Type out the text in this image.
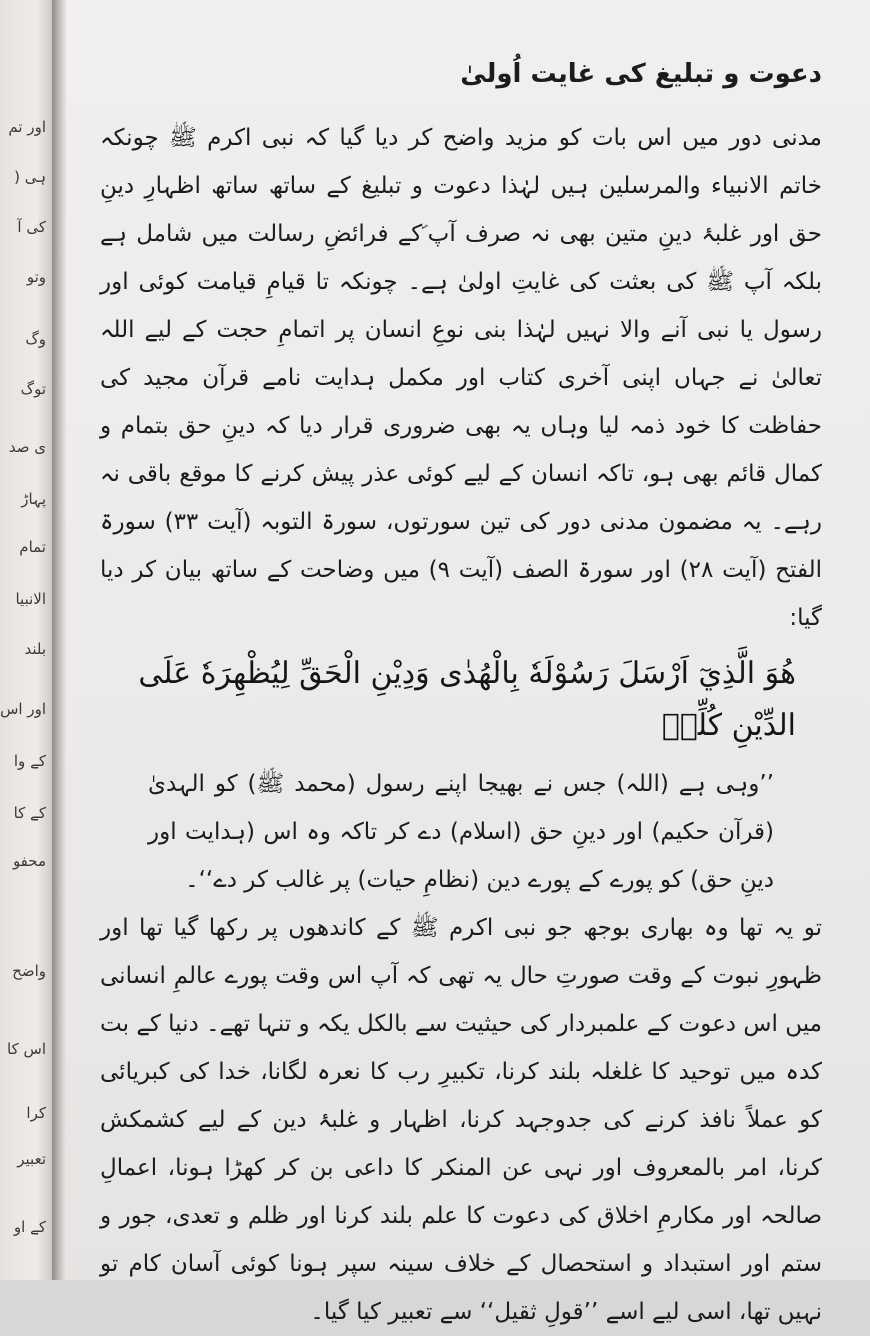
اور تم
ہی (
کی آ
وتو
وگ
توگ
ی صد
پہاڑ
تمام
الانبیا
بلند
اور اس
کے وا
کے کا
محفو
واضح
اس کا
کرا
تعبیر
کے او
دعوت و تبلیغ کی غایت اُولیٰ

مدنی دور میں اس بات کو مزید واضح کر دیا گیا کہ نبی اکرم ﷺ چونکہ خاتم الانبیاء والمرسلین ہیں لہٰذا دعوت و تبلیغ کے ساتھ ساتھ اظہارِ دینِ حق اور غلبۂ دینِ متین بھی نہ صرف آپ ؐکے فرائضِ رسالت میں شامل ہے بلکہ آپ ﷺ کی بعثت کی غایتِ اولیٰ ہے۔ چونکہ تا قیامِ قیامت کوئی اور رسول یا نبی آنے والا نہیں لہٰذا بنی نوعِ انسان پر اتمامِ حجت کے لیے اللہ تعالیٰ نے جہاں اپنی آخری کتاب اور مکمل ہدایت نامے قرآن مجید کی حفاظت کا خود ذمہ لیا وہاں یہ بھی ضروری قرار دیا کہ دینِ حق بتمام و کمال قائم بھی ہو، تاکہ انسان کے لیے کوئی عذر پیش کرنے کا موقع باقی نہ رہے۔ یہ مضمون مدنی دور کی تین سورتوں، سورۃ التوبہ (آیت ۳۳) سورۃ الفتح (آیت ۲۸) اور سورۃ الصف (آیت ۹) میں وضاحت کے ساتھ بیان کر دیا گیا:

هُوَ الَّذِيٓ اَرْسَلَ رَسُوْلَهٗ بِالْهُدٰى وَدِيْنِ الْحَقِّ لِيُظْهِرَهٗ عَلَى الدِّيْنِ كُلِّهٖ

’’وہی ہے (اللہ) جس نے بھیجا اپنے رسول (محمد ﷺ) کو الہدیٰ (قرآن حکیم) اور دینِ حق (اسلام) دے کر تاکہ وہ اس (ہدایت اور دینِ حق) کو پورے کے پورے دین (نظامِ حیات) پر غالب کر دے‘‘۔

تو یہ تھا وہ بھاری بوجھ جو نبی اکرم ﷺ کے کاندھوں پر رکھا گیا تھا اور ظہورِ نبوت کے وقت صورتِ حال یہ تھی کہ آپ اس وقت پورے عالمِ انسانی میں اس دعوت کے علمبردار کی حیثیت سے بالکل یکہ و تنہا تھے۔ دنیا کے بت کدہ میں توحید کا غلغلہ بلند کرنا، تکبیرِ رب کا نعرہ لگانا، خدا کی کبریائی کو عملاً نافذ کرنے کی جدوجہد کرنا، اظہار و غلبۂ دین کے لیے کشمکش کرنا، امر بالمعروف اور نہی عن المنکر کا داعی بن کر کھڑا ہونا، اعمالِ صالحہ اور مکارمِ اخلاق کی دعوت کا علم بلند کرنا اور ظلم و تعدی، جور و ستم اور استبداد و استحصال کے خلاف سینہ سپر ہونا کوئی آسان کام تو نہیں تھا، اسی لیے اسے ’’قولِ ثقیل‘‘ سے تعبیر کیا گیا۔
